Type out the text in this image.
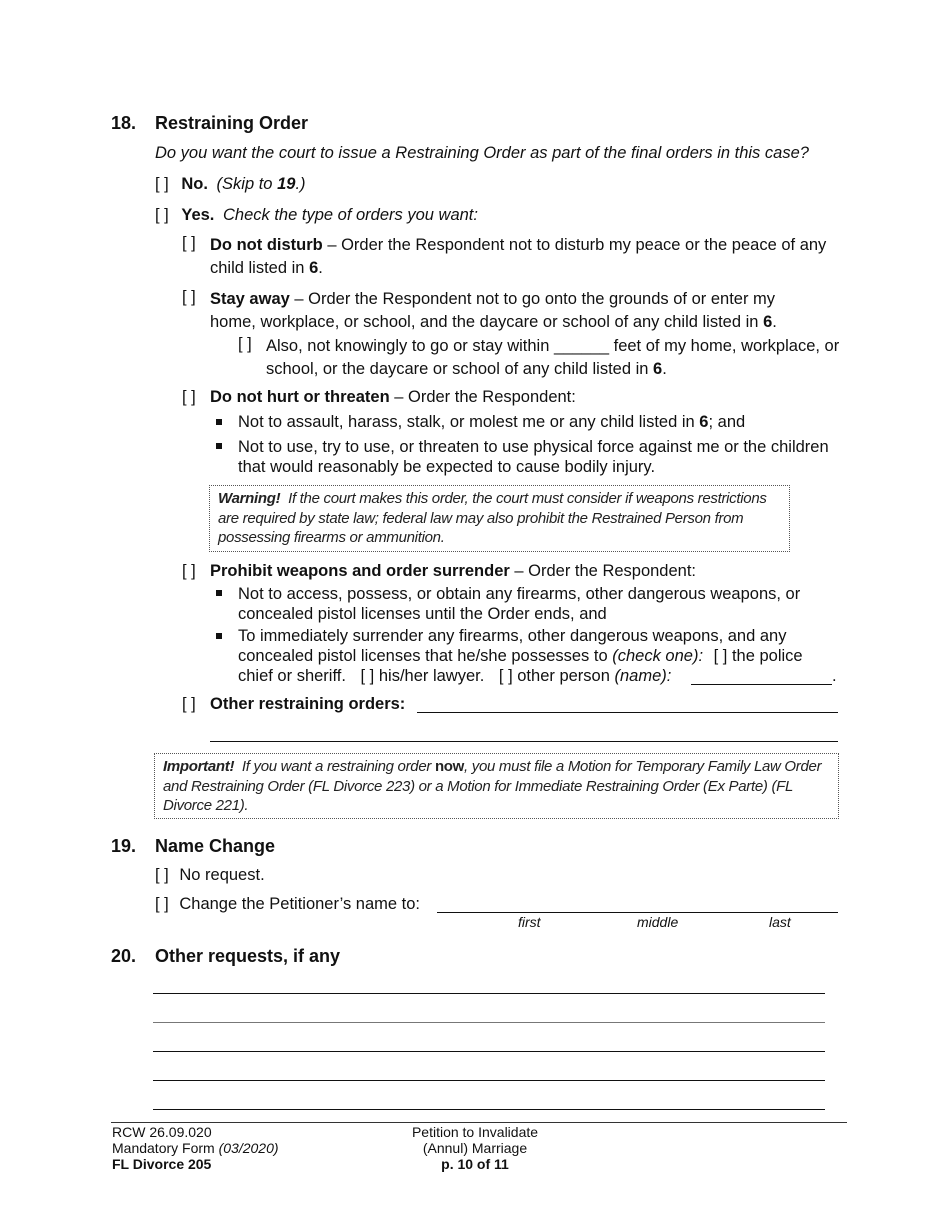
18. Restraining Order
Do you want the court to issue a Restraining Order as part of the final orders in this case?
[ ] No. (Skip to 19.)
[ ] Yes. Check the type of orders you want:
[ ] Do not disturb – Order the Respondent not to disturb my peace or the peace of any child listed in 6.
[ ] Stay away – Order the Respondent not to go onto the grounds of or enter my home, workplace, or school, and the daycare or school of any child listed in 6.
[ ] Also, not knowingly to go or stay within ______ feet of my home, workplace, or school, or the daycare or school of any child listed in 6.
[ ] Do not hurt or threaten – Order the Respondent:
Not to assault, harass, stalk, or molest me or any child listed in 6; and
Not to use, try to use, or threaten to use physical force against me or the children that would reasonably be expected to cause bodily injury.
Warning! If the court makes this order, the court must consider if weapons restrictions are required by state law; federal law may also prohibit the Restrained Person from possessing firearms or ammunition.
[ ] Prohibit weapons and order surrender – Order the Respondent:
Not to access, possess, or obtain any firearms, other dangerous weapons, or concealed pistol licenses until the Order ends, and
To immediately surrender any firearms, other dangerous weapons, and any
concealed pistol licenses that he/she possesses to (check one): [ ] the police
chief or sheriff. [ ] his/her lawyer. [ ] other person (name):	.
[ ] Other restraining orders:
Important! If you want a restraining order now, you must file a Motion for Temporary Family Law Order and Restraining Order (FL Divorce 223) or a Motion for Immediate Restraining Order (Ex Parte) (FL Divorce 221).
19. Name Change
[ ] No request.
[ ] Change the Petitioner’s name to:
first	middle	last
20. Other requests, if any
RCW 26.09.020
Mandatory Form (03/2020)
FL Divorce 205
Petition to Invalidate
(Annul) Marriage
p. 10 of 11
